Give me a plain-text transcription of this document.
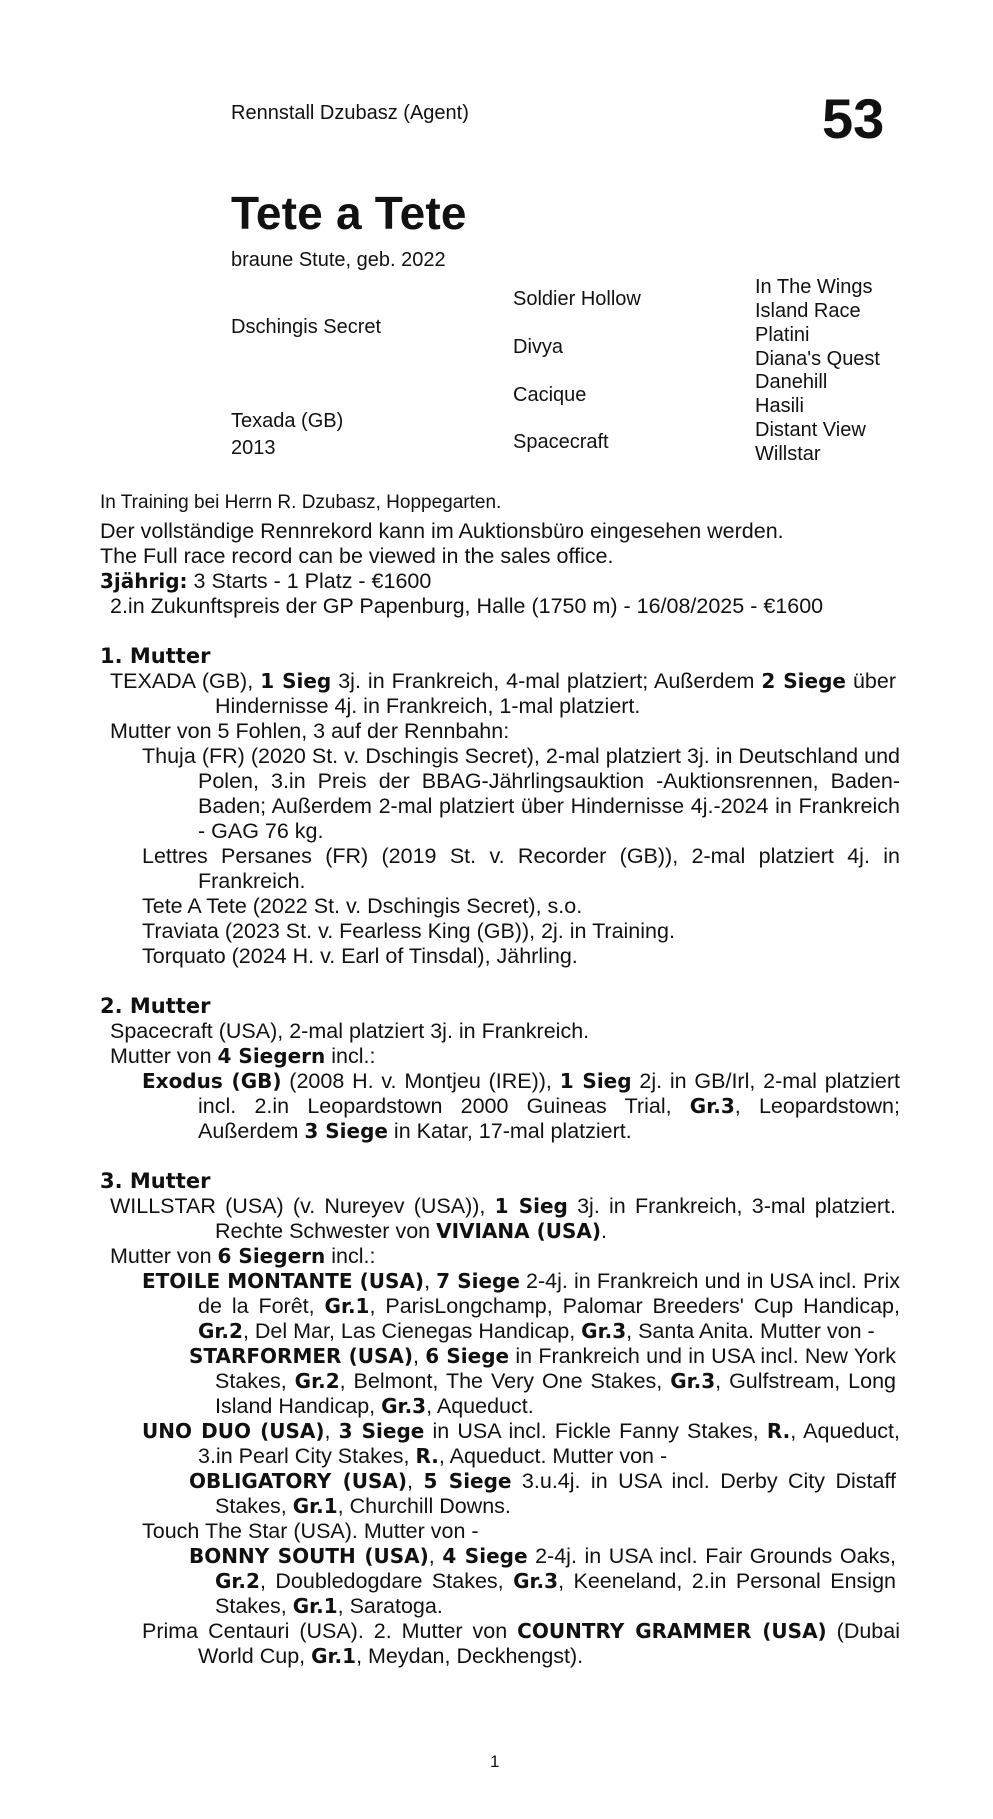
Rennstall Dzubasz (Agent)	53
Tete a Tete
braune Stute, geb. 2022
Dschingis Secret
Texada (GB)
2013
Soldier Hollow
Divya
Cacique
Spacecraft
In The Wings
Island Race
Platini
Diana's Quest
Danehill
Hasili
Distant View
Willstar

In Training bei Herrn R. Dzubasz, Hoppegarten.

Der vollständige Rennrekord kann im Auktionsbüro eingesehen werden.

The Full race record can be viewed in the sales office.

3jährig: 3 Starts - 1 Platz - €1600

2.in Zukunftspreis der GP Papenburg, Halle (1750 m) - 16/08/2025 - €1600

1. Mutter

TEXADA (GB), 1 Sieg 3j. in Frankreich, 4-mal platziert; Außerdem 2 Siege über Hindernisse 4j. in Frankreich, 1-mal platziert.

Mutter von 5 Fohlen, 3 auf der Rennbahn:

Thuja (FR) (2020 St. v. Dschingis Secret), 2-mal platziert 3j. in Deutschland und Polen, 3.in Preis der BBAG-Jährlingsauktion -Auktionsrennen, Baden-Baden; Außerdem 2-mal platziert über Hindernisse 4j.-2024 in Frankreich - GAG 76 kg.

Lettres Persanes (FR) (2019 St. v. Recorder (GB)), 2-mal platziert 4j. in Frankreich.

Tete A Tete (2022 St. v. Dschingis Secret), s.o.

Traviata (2023 St. v. Fearless King (GB)), 2j. in Training.

Torquato (2024 H. v. Earl of Tinsdal), Jährling.

2. Mutter

Spacecraft (USA), 2-mal platziert 3j. in Frankreich.

Mutter von 4 Siegern incl.:

Exodus (GB) (2008 H. v. Montjeu (IRE)), 1 Sieg 2j. in GB/Irl, 2-mal platziert incl. 2.in Leopardstown 2000 Guineas Trial, Gr.3, Leopardstown; Außerdem 3 Siege in Katar, 17-mal platziert.

3. Mutter

WILLSTAR (USA) (v. Nureyev (USA)), 1 Sieg 3j. in Frankreich, 3-mal platziert. Rechte Schwester von VIVIANA (USA).

Mutter von 6 Siegern incl.:

ETOILE MONTANTE (USA), 7 Siege 2-4j. in Frankreich und in USA incl. Prix de la Forêt, Gr.1, ParisLongchamp, Palomar Breeders' Cup Handicap, Gr.2, Del Mar, Las Cienegas Handicap, Gr.3, Santa Anita. Mutter von -

STARFORMER (USA), 6 Siege in Frankreich und in USA incl. New York Stakes, Gr.2, Belmont, The Very One Stakes, Gr.3, Gulfstream, Long Island Handicap, Gr.3, Aqueduct.

UNO DUO (USA), 3 Siege in USA incl. Fickle Fanny Stakes, R., Aqueduct, 3.in Pearl City Stakes, R., Aqueduct. Mutter von -

OBLIGATORY (USA), 5 Siege 3.u.4j. in USA incl. Derby City Distaff Stakes, Gr.1, Churchill Downs.

Touch The Star (USA). Mutter von -

BONNY SOUTH (USA), 4 Siege 2-4j. in USA incl. Fair Grounds Oaks, Gr.2, Doubledogdare Stakes, Gr.3, Keeneland, 2.in Personal Ensign Stakes, Gr.1, Saratoga.

Prima Centauri (USA). 2. Mutter von COUNTRY GRAMMER (USA) (Dubai World Cup, Gr.1, Meydan, Deckhengst).

1
